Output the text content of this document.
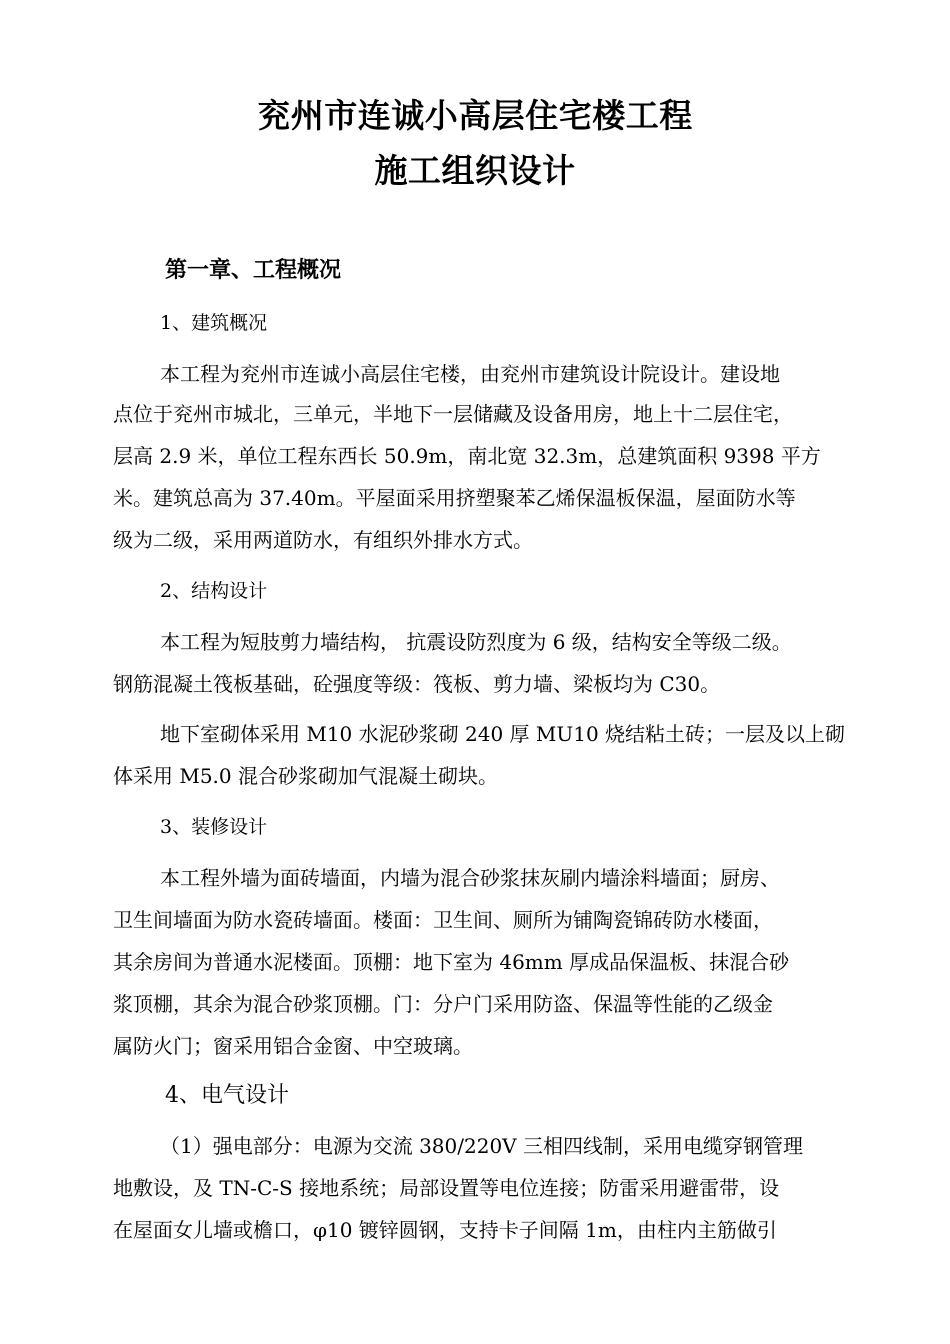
兖州市连诚小高层住宅楼工程
施工组织设计
第一章、工程概况
1、建筑概况
本工程为兖州市连诚小高层住宅楼，由兖州市建筑设计院设计。建设地
点位于兖州市城北，三单元，半地下一层储藏及设备用房，地上十二层住宅，
层高 2.9 米，单位工程东西长 50.9m，南北宽 32.3m，总建筑面积 9398 平方
米。建筑总高为 37.40m。平屋面采用挤塑聚苯乙烯保温板保温，屋面防水等
级为二级，采用两道防水，有组织外排水方式。
2、结构设计
本工程为短肢剪力墙结构， 抗震设防烈度为 6 级，结构安全等级二级。
钢筋混凝土筏板基础，砼强度等级：筏板、剪力墙、梁板均为 C30。
地下室砌体采用 M10 水泥砂浆砌 240 厚 MU10 烧结粘土砖；一层及以上砌
体采用 M5.0 混合砂浆砌加气混凝土砌块。
3、装修设计
本工程外墙为面砖墙面，内墙为混合砂浆抹灰刷内墙涂料墙面；厨房、
卫生间墙面为防水瓷砖墙面。楼面：卫生间、厕所为铺陶瓷锦砖防水楼面，
其余房间为普通水泥楼面。顶棚：地下室为 46mm 厚成品保温板、抹混合砂
浆顶棚，其余为混合砂浆顶棚。门：分户门采用防盗、保温等性能的乙级金
属防火门；窗采用铝合金窗、中空玻璃。
4、电气设计
（1）强电部分：电源为交流 380/220V 三相四线制，采用电缆穿钢管理
地敷设，及 TN-C-S 接地系统；局部设置等电位连接；防雷采用避雷带，设
在屋面女儿墙或檐口，φ10 镀锌圆钢，支持卡子间隔 1m，由柱内主筋做引
